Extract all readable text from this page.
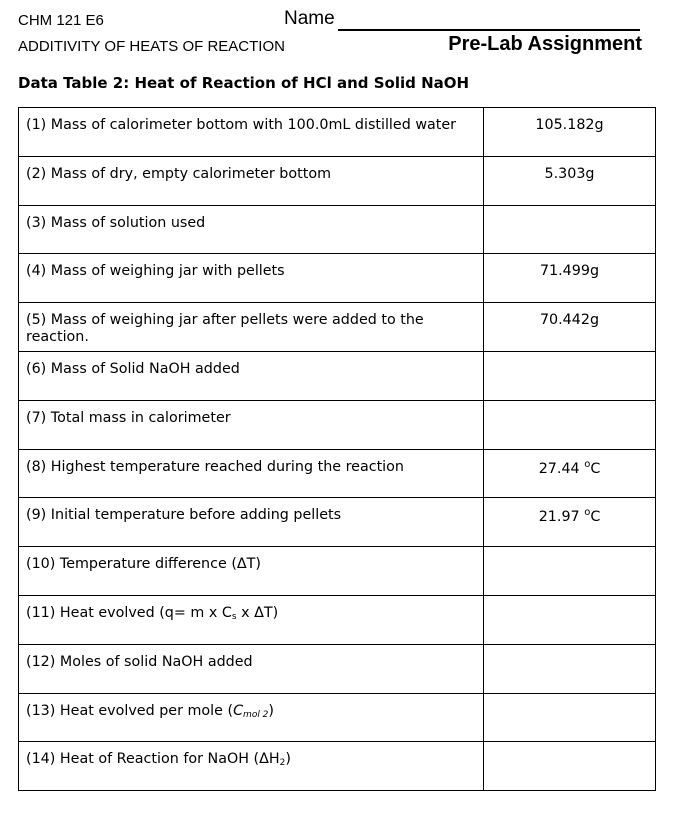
CHM 121 E6	Name
ADDITIVITY OF HEATS OF REACTION	Pre-Lab Assignment
Data Table 2: Heat of Reaction of HCl and Solid NaOH
(1) Mass of calorimeter bottom with 100.0mL distilled water	105.182g
(2) Mass of dry, empty calorimeter bottom	5.303g
(3) Mass of solution used	
(4) Mass of weighing jar with pellets	71.499g
(5) Mass of weighing jar after pellets were added to the reaction.	70.442g
(6) Mass of Solid NaOH added	
(7) Total mass in calorimeter	
(8) Highest temperature reached during the reaction	27.44 $^o$C
(9) Initial temperature before adding pellets	21.97 $^o$C
(10) Temperature difference (ΔT)	
(11) Heat evolved (q= m x $C_s$ x ΔT)	
(12) Moles of solid NaOH added	
(13) Heat evolved per mole $(C_{mol 2})$	
(14) Heat of Reaction for NaOH $(\Delta H_2)$	
